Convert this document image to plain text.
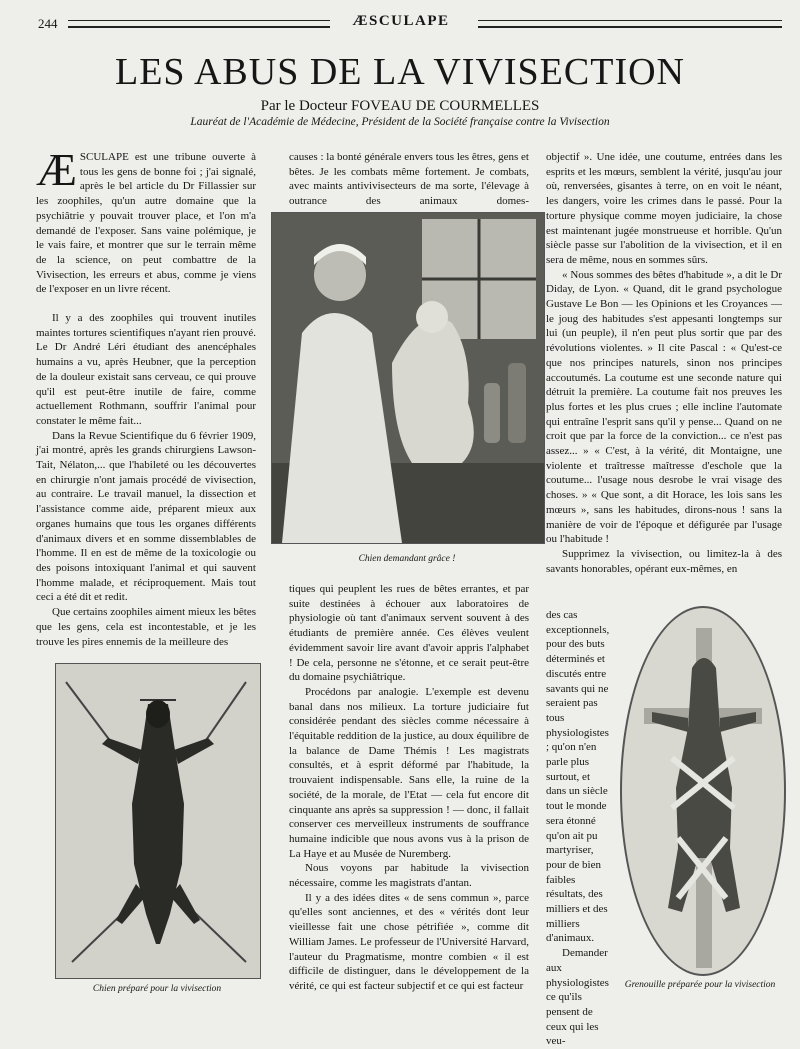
244	ÆSCULAPE
LES ABUS DE LA VIVISECTION
Par le Docteur FOVEAU DE COURMELLES
Lauréat de l'Académie de Médecine, Président de la Société française contre la Vivisection

ÆSCULAPE est une tribune ouverte à tous les gens de bonne foi ; j'ai signalé, après le bel article du Dr Fillassier sur les zoophiles, qu'un autre domaine que la psychiâtrie y pouvait trouver place, et l'on m'a demandé de l'exposer. Sans vaine polémique, je le vais faire, et montrer que sur le terrain même de la science, on peut combattre de la Vivisection, les erreurs et abus, comme je viens de l'exposer en un livre récent.

Il y a des zoophiles qui trouvent inutiles maintes tortures scientifiques n'ayant rien prouvé. Le Dr André Léri étudiant des anencéphales humains a vu, après Heubner, que la perception de la douleur existait sans cerveau, ce qui prouve qu'il est peut-être inutile de faire, comme actuellement Rothmann, souffrir l'animal pour constater le même fait...

Dans la Revue Scientifique du 6 février 1909, j'ai montré, après les grands chirurgiens Lawson-Tait, Nélaton,... que l'habileté ou les découvertes en chirurgie n'ont jamais procédé de vivisection, au contraire. Le travail manuel, la dissection et l'assistance comme aide, préparent mieux aux organes humains que tous les organes différents d'animaux divers et en somme dissemblables de l'homme. Il en est de même de la toxicologie ou des poisons intoxiquant l'animal et qui sauvent l'homme malade, et réciproquement. Mais tout ceci a été dit et redit.

Que certains zoophiles aiment mieux les bêtes que les gens, cela est incontestable, et je les trouve les pires ennemis de la meilleure des

Chien préparé pour la vivisection

causes : la bonté générale envers tous les êtres, gens et bêtes. Je les combats même fortement. Je combats, avec maints antivivisecteurs de ma sorte, l'élevage à outrance des animaux domes-

Chien demandant grâce !

tiques qui peuplent les rues de bêtes errantes, et par suite destinées à échouer aux laboratoires de physiologie où tant d'animaux servent souvent à des étudiants de première année. Ces élèves veulent évidemment savoir lire avant d'avoir appris l'alphabet ! De cela, personne ne s'étonne, et ce serait peut-être du domaine psychiâtrique.

Procédons par analogie. L'exemple est devenu banal dans nos milieux. La torture judiciaire fut considérée pendant des siècles comme nécessaire à l'équitable reddition de la justice, au doux équilibre de la balance de Dame Thémis ! Les magistrats consultés, et à esprit déformé par l'habitude, la trouvaient indispensable. Sans elle, la ruine de la société, de la morale, de l'Etat — cela fut encore dit cinquante ans après sa suppression ! — donc, il fallait conserver ces merveilleux instruments de souffrance humaine indicible que nous avons vus à la prison de La Haye et au Musée de Nuremberg.

Nous voyons par habitude la vivisection nécessaire, comme les magistrats d'antan.

Il y a des idées dites « de sens commun », parce qu'elles sont anciennes, et des « vérités dont leur vieillesse fait une chose pétrifiée », comme dit William James. Le professeur de l'Université Harvard, l'auteur du Pragmatisme, montre combien « il est difficile de distinguer, dans le développement de la vérité, ce qui est facteur subjectif et ce qui est facteur

objectif ». Une idée, une coutume, entrées dans les esprits et les mœurs, semblent la vérité, jusqu'au jour où, renversées, gisantes à terre, on en voit le néant, les dangers, voire les crimes dans le passé. Pour la torture physique comme moyen judiciaire, la chose est maintenant jugée monstrueuse et horrible. Qu'un siècle passe sur l'abolition de la vivisection, et il en sera de même, nous en sommes sûrs.

« Nous sommes des bêtes d'habitude », a dit le Dr Diday, de Lyon. « Quand, dit le grand psychologue Gustave Le Bon — les Opinions et les Croyances — le joug des habitudes s'est appesanti longtemps sur lui (un peuple), il n'en peut plus sortir que par des révolutions violentes. » Il cite Pascal : « Qu'est-ce que nos principes naturels, sinon nos principes accoutumés. La coutume est une seconde nature qui détruit la première. La coutume fait nos preuves les plus fortes et les plus crues ; elle incline l'automate qui entraîne l'esprit sans qu'il y pense... Quand on ne croit que par la force de la conviction... ce n'est pas assez... » « C'est, à la vérité, dit Montaigne, une violente et traîtresse maîtresse d'eschole que la coutume... l'usage nous desrobe le vrai visage des choses. » « Que sont, a dit Horace, les lois sans les mœurs », sans les habitudes, dirons-nous ! sans la manière de voir de l'époque et défigurée par l'usage ou l'habitude !

Supprimez la vivisection, ou limitez-la à des savants honorables, opérant eux-mêmes, en

des cas exceptionnels, pour des buts déterminés et discutés entre savants qui ne seraient pas tous physiologistes ; qu'on n'en parle plus surtout, et dans un siècle tout le monde sera étonné qu'on ait pu martyriser, pour de bien faibles résultats, des milliers et des milliers d'animaux.

Demander aux physiologistes ce qu'ils pensent de ceux qui les veu-

Grenouille préparée pour la vivisection
